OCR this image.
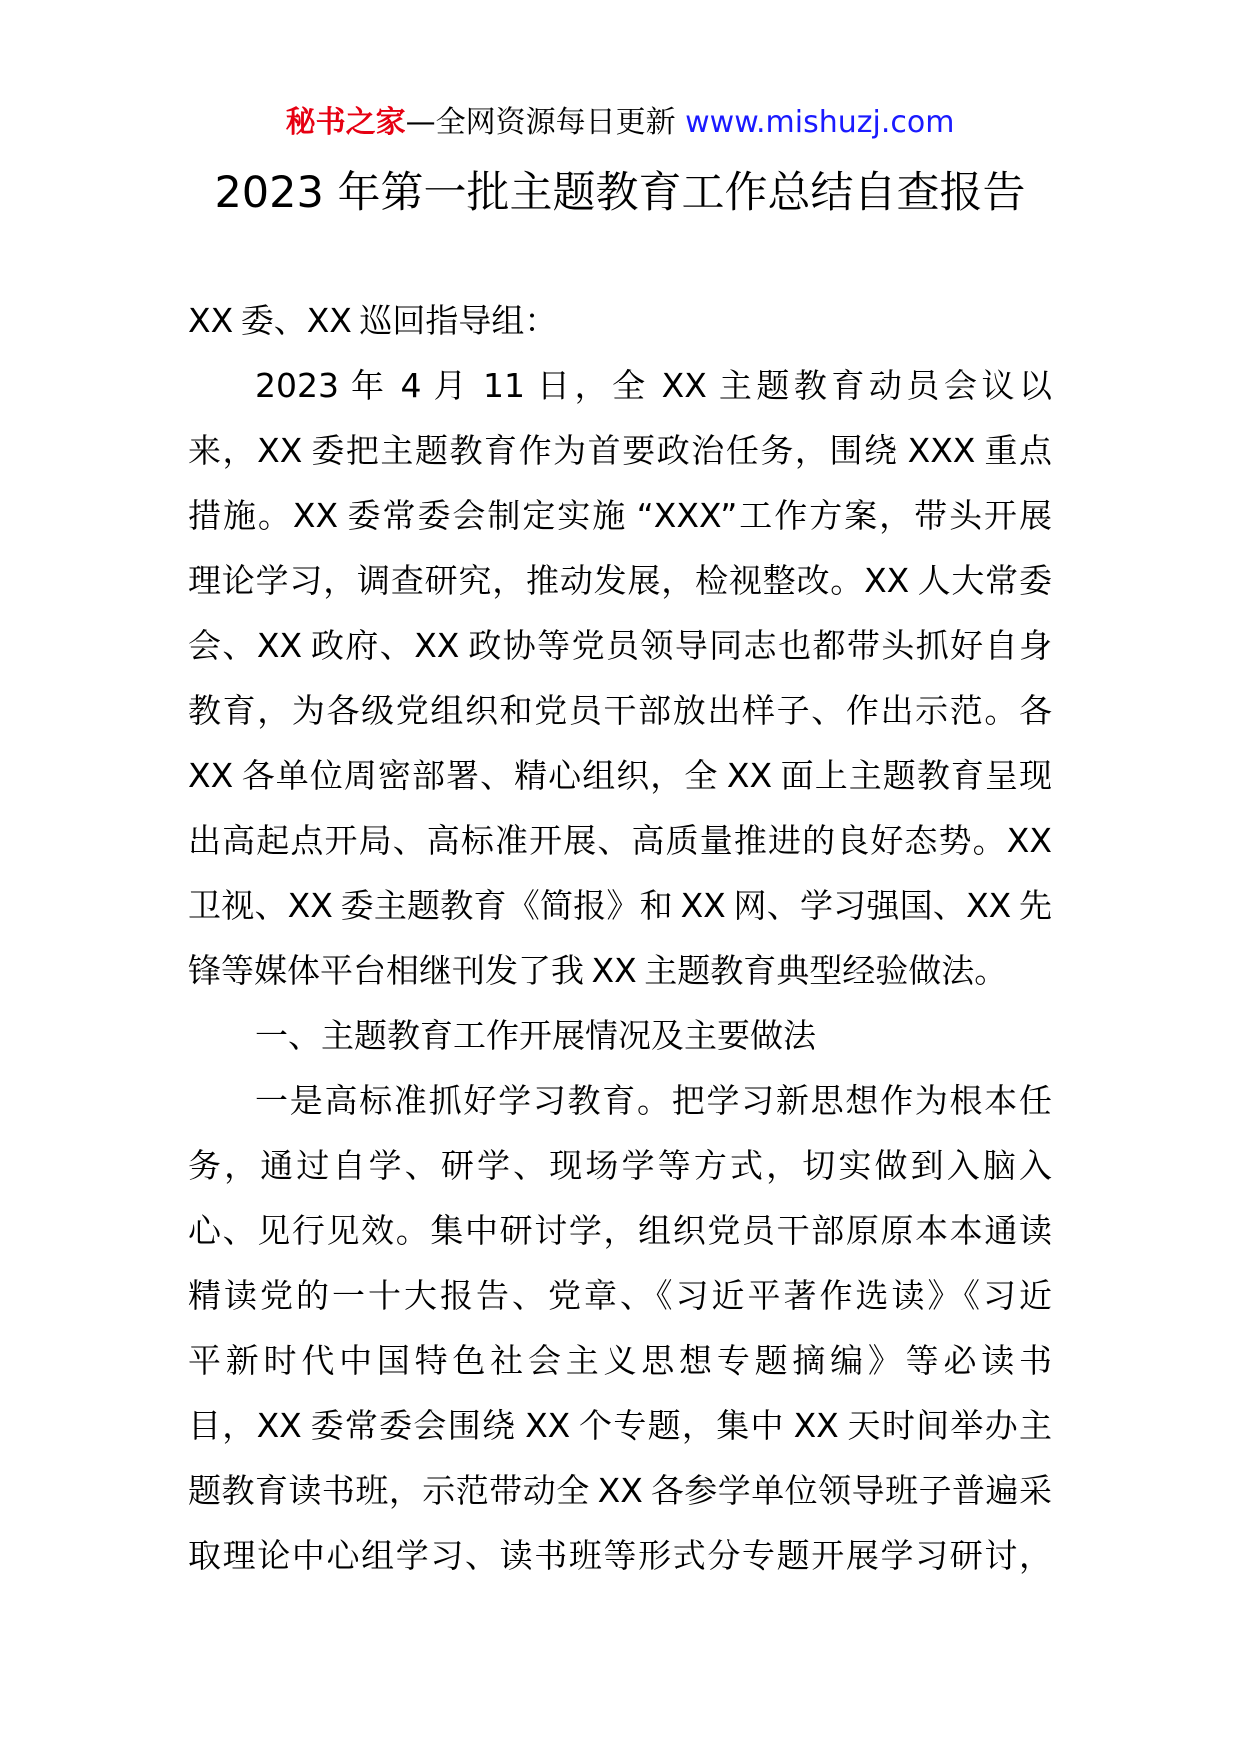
秘书之家—全网资源每日更新 www.mishuzj.com
2023 年第一批主题教育工作总结自查报告
XX 委、XX 巡回指导组：
2023 年 4 月 11 日，全 XX 主题教育动员会议以
来，XX 委把主题教育作为首要政治任务，围绕 XXX 重点
措施。XX 委常委会制定实施 “XXX”工作方案，带头开展
理论学习，调查研究，推动发展，检视整改。XX 人大常委
会、XX 政府、XX 政协等党员领导同志也都带头抓好自身
教育，为各级党组织和党员干部放出样子、作出示范。各
XX 各单位周密部署、精心组织，全 XX 面上主题教育呈现
出高起点开局、高标准开展、高质量推进的良好态势。XX
卫视、XX 委主题教育《简报》和 XX 网、学习强国、XX 先
锋等媒体平台相继刊发了我 XX 主题教育典型经验做法。
一、主题教育工作开展情况及主要做法
一是高标准抓好学习教育。把学习新思想作为根本任
务，通过自学、研学、现场学等方式，切实做到入脑入
心、见行见效。集中研讨学，组织党员干部原原本本通读
精读党的一十大报告、党章、《习近平著作选读》《习近
平新时代中国特色社会主义思想专题摘编》等必读书
目，XX 委常委会围绕 XX 个专题，集中 XX 天时间举办主
题教育读书班，示范带动全 XX 各参学单位领导班子普遍采
取理论中心组学习、读书班等形式分专题开展学习研讨，
